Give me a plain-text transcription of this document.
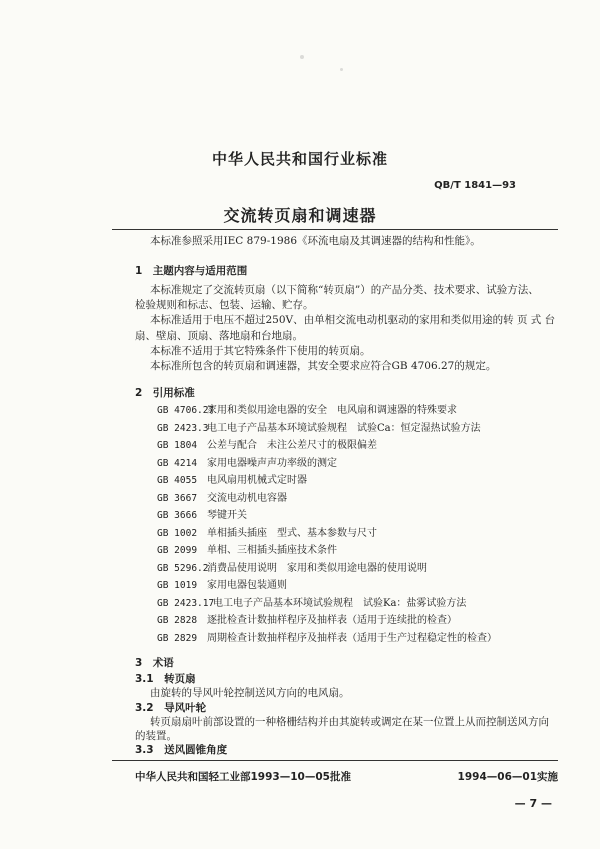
中华人民共和国行业标准
QB/T 1841—93
交流转页扇和调速器
本标准参照采用IEC 879-1986《环流电扇及其调速器的结构和性能》。
1　主题内容与适用范围
本标准规定了交流转页扇（以下简称“转页扇”）的产品分类、技术要求、试验方法、
检验规则和标志、包装、运输、贮存。
本标准适用于电压不超过250V、由单相交流电动机驱动的家用和类似用途的转 页 式 台
扇、壁扇、顶扇、落地扇和台地扇。
本标准不适用于其它特殊条件下使用的转页扇。
本标准所包含的转页扇和调速器，其安全要求应符合GB 4706.27的规定。
2　引用标准
GB 4706.27家用和类似用途电器的安全　电风扇和调速器的特殊要求
GB 2423.3电工电子产品基本环境试验规程　试验Ca：恒定湿热试验方法
GB 1804 公差与配合　未注公差尺寸的极限偏差
GB 4214 家用电器噪声声功率级的测定
GB 4055 电风扇用机械式定时器
GB 3667 交流电动机电容器
GB 3666 琴键开关
GB 1002 单相插头插座　型式、基本参数与尺寸
GB 2099 单相、三相插头插座技术条件
GB 5296.2消费品使用说明　家用和类似用途电器的使用说明
GB 1019 家用电器包装通则
GB 2423.17电工电子产品基本环境试验规程　试验Ka：盐雾试验方法
GB 2828 逐批检查计数抽样程序及抽样表（适用于连续批的检查）
GB 2829 周期检查计数抽样程序及抽样表（适用于生产过程稳定性的检查）
3　术语
3.1　转页扇
由旋转的导风叶轮控制送风方向的电风扇。
3.2　导风叶轮
转页扇扇叶前部设置的一种格栅结构并由其旋转或调定在某一位置上从而控制送风方向
中华人民共和国轻工业部1993—10—05批准	1994—06—01实施
— 7 —
的装置。
3.3　送风圆锥角度
